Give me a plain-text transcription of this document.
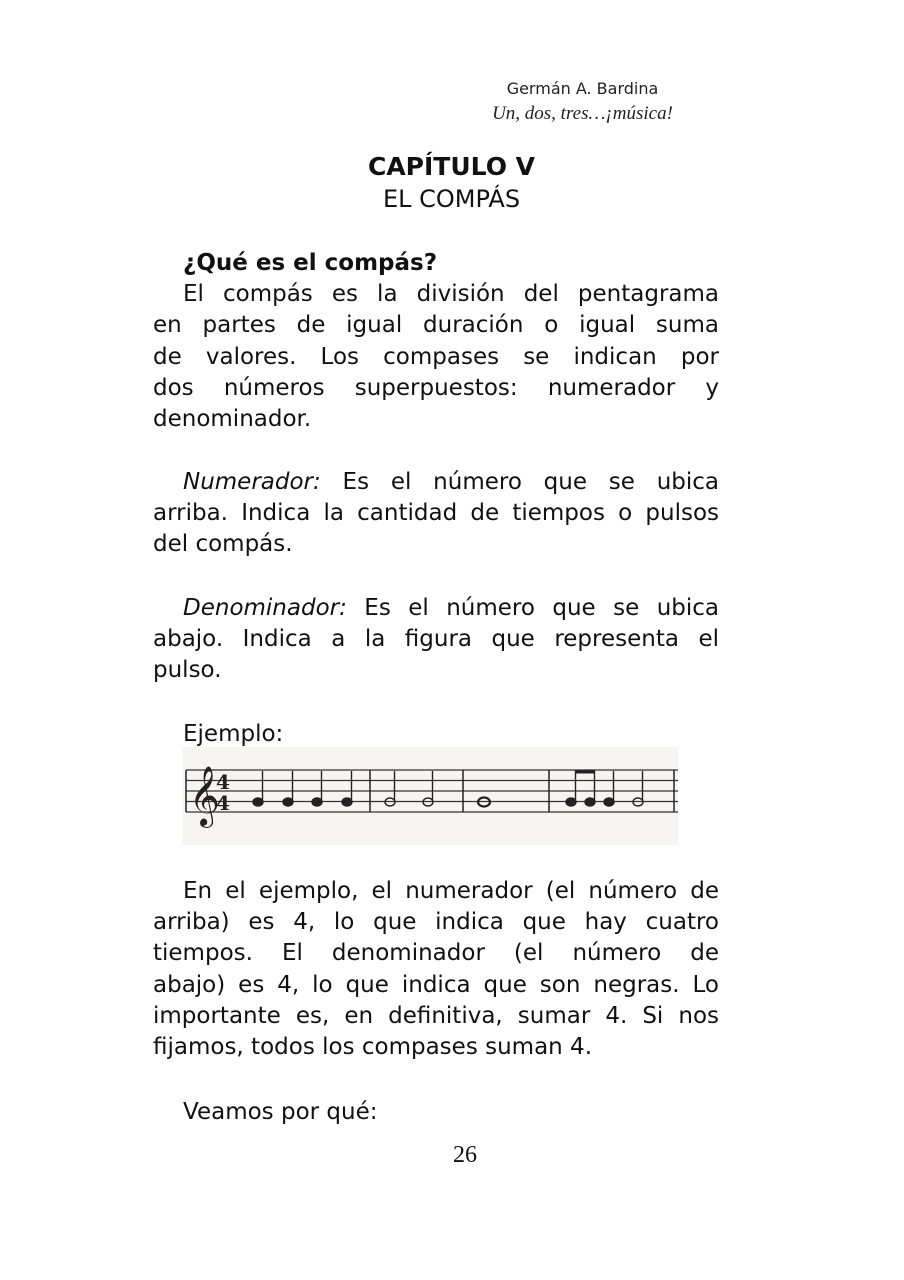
Germán A. Bardina
Un, dos, tres…¡música!
CAPÍTULO V
EL COMPÁS
¿Qué es el compás?
El compás es la división del pentagrama
en partes de igual duración o igual suma
de valores. Los compases se indican por
dos números superpuestos: numerador y
denominador.
Numerador: Es el número que se ubica
arriba. Indica la cantidad de tiempos o pulsos
del compás.
Denominador: Es el número que se ubica
abajo. Indica a la figura que representa el
pulso.
Ejemplo:
𝄞
4
4
En el ejemplo, el numerador (el número de
arriba) es 4, lo que indica que hay cuatro
tiempos. El denominador (el número de
abajo) es 4, lo que indica que son negras. Lo
importante es, en definitiva, sumar 4. Si nos
fijamos, todos los compases suman 4.
Veamos por qué:
26
